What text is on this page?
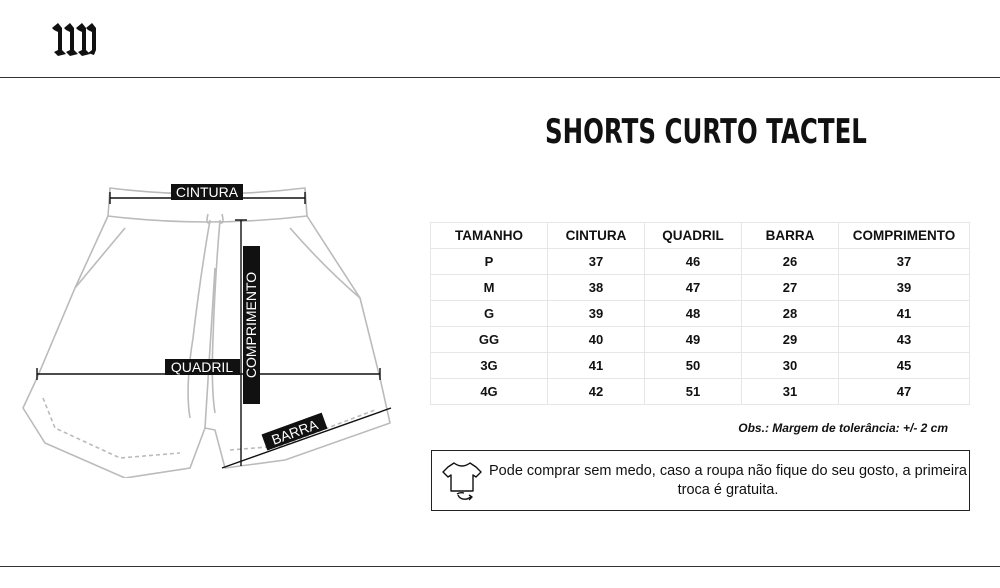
SHORTS CURTO TACTEL
CINTURA
QUADRIL COMPRIMENTO
BARRA
TAMANHO	CINTURA	QUADRIL	BARRA	COMPRIMENTO
P	37	46	26	37
M	38	47	27	39
G	39	48	28	41
GG	40	49	29	43
3G	41	50	30	45
4G	42	51	31	47
Obs.: Margem de tolerância: +/- 2 cm
Pode comprar sem medo, caso a roupa não fique do seu gosto, a primeira troca é gratuita.
